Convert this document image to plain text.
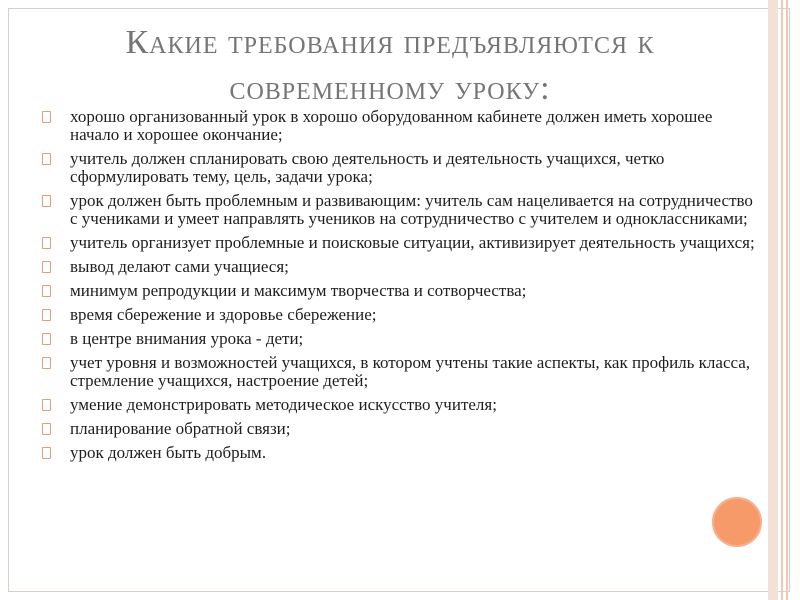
Какие требования предъявляются к
современному уроку:
хорошо организованный урок в хорошо оборудованном кабинете должен иметь хорошее начало и хорошее окончание;
учитель должен спланировать свою деятельность и деятельность учащихся, четко сформулировать тему, цель, задачи урока;
урок должен быть проблемным и развивающим: учитель сам нацеливается на сотрудничество с учениками и умеет направлять учеников на сотрудничество с учителем и одноклассниками;
учитель организует проблемные и поисковые ситуации, активизирует деятельность учащихся;
вывод делают сами учащиеся;
минимум репродукции и максимум творчества и сотворчества;
время сбережение и здоровье сбережение;
в центре внимания урока - дети;
учет уровня и возможностей учащихся, в котором учтены такие аспекты, как профиль класса, стремление учащихся, настроение детей;
умение демонстрировать методическое искусство учителя;
планирование обратной связи;
урок должен быть добрым.
